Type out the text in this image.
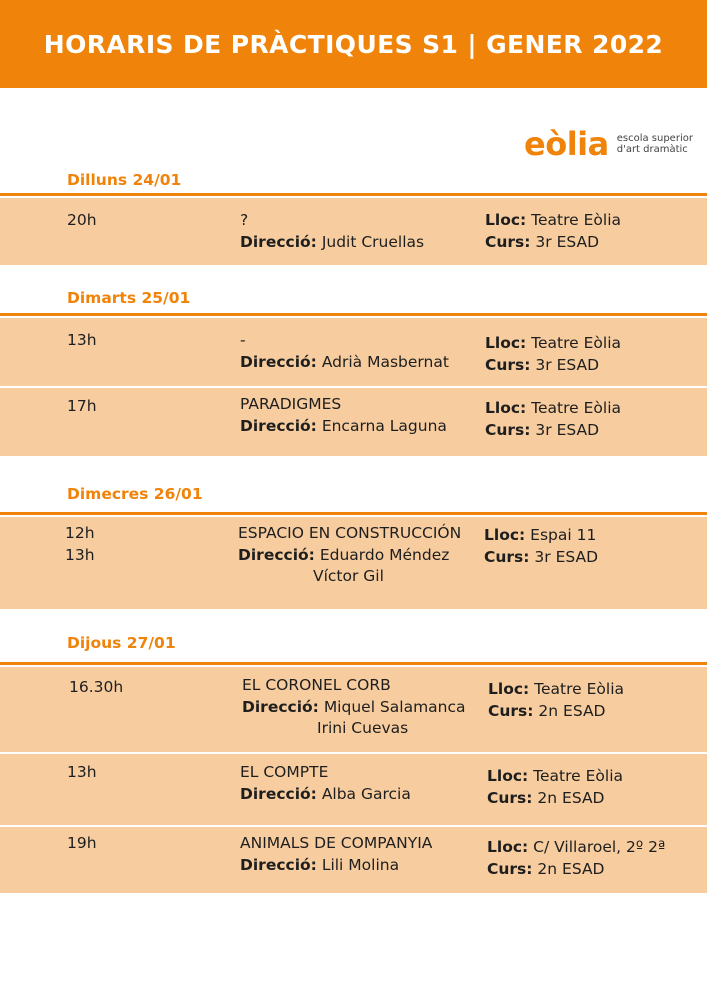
HORARIS DE PRÀCTIQUES S1 | GENER 2022
eòlia escola superior
d'art dramàtic
Dilluns 24/01
20h	?
Direcció: Judit Cruellas
Lloc: Teatre Eòlia
Curs: 3r ESAD
Dimarts 25/01
13h	-
Direcció: Adrià Masbernat
Lloc: Teatre Eòlia
Curs: 3r ESAD
17h	PARADIGMES
Direcció: Encarna Laguna
Lloc: Teatre Eòlia
Curs: 3r ESAD
Dimecres 26/01
12h
13h
ESPACIO EN CONSTRUCCIÓN
Direcció: Eduardo Méndez

Víctor Gil
Lloc: Espai 11
Curs: 3r ESAD
Dijous 27/01
16.30h	EL CORONEL CORB
Direcció: Miquel Salamanca

Irini Cuevas
Lloc: Teatre Eòlia
Curs: 2n ESAD
13h	EL COMPTE
Direcció: Alba Garcia
Lloc: Teatre Eòlia
Curs: 2n ESAD
19h	ANIMALS DE COMPANYIA
Direcció: Lili Molina
Lloc: C/ Villaroel, 2º 2ª
Curs: 2n ESAD
